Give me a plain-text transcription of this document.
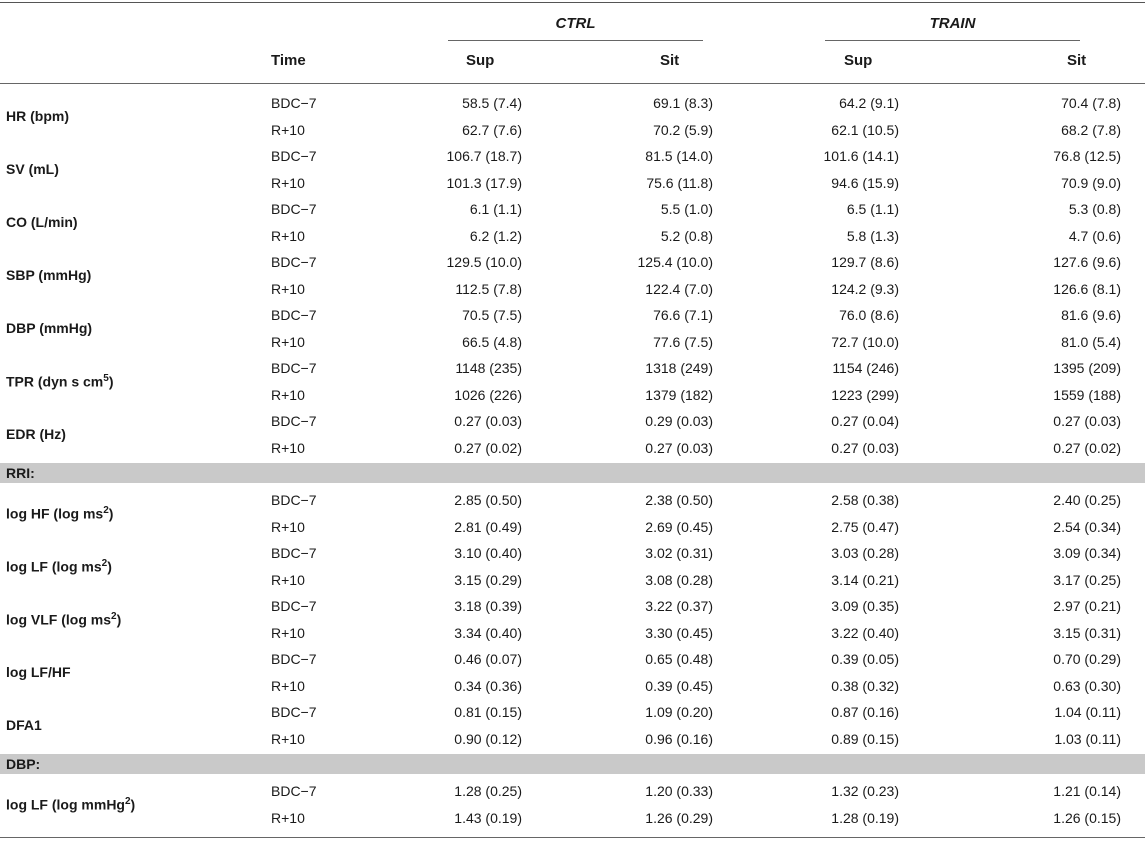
CTRL	TRAIN
Time	Sup	Sit	Sup	Sit
HR (bpm)
BDC−7	58.5 (7.4)	69.1 (8.3)	64.2 (9.1)	70.4 (7.8)
R+10	62.7 (7.6)	70.2 (5.9)	62.1 (10.5)	68.2 (7.8)
SV (mL)
BDC−7	106.7 (18.7)	81.5 (14.0)	101.6 (14.1)	76.8 (12.5)
R+10	101.3 (17.9)	75.6 (11.8)	94.6 (15.9)	70.9 (9.0)
CO (L/min)
BDC−7	6.1 (1.1)	5.5 (1.0)	6.5 (1.1)	5.3 (0.8)
R+10	6.2 (1.2)	5.2 (0.8)	5.8 (1.3)	4.7 (0.6)
SBP (mmHg)
BDC−7	129.5 (10.0)	125.4 (10.0)	129.7 (8.6)	127.6 (9.6)
R+10	112.5 (7.8)	122.4 (7.0)	124.2 (9.3)	126.6 (8.1)
DBP (mmHg)
BDC−7	70.5 (7.5)	76.6 (7.1)	76.0 (8.6)	81.6 (9.6)
R+10	66.5 (4.8)	77.6 (7.5)	72.7 (10.0)	81.0 (5.4)
TPR (dyn s $cm^5$)
BDC−7	1148 (235)	1318 (249)	1154 (246)	1395 (209)
R+10	1026 (226)	1379 (182)	1223 (299)	1559 (188)
EDR (Hz)
BDC−7	0.27 (0.03)	0.29 (0.03)	0.27 (0.04)	0.27 (0.03)
R+10	0.27 (0.02)	0.27 (0.03)	0.27 (0.03)	0.27 (0.02)
RRI:
log HF (log $ms^2$)
BDC−7	2.85 (0.50)	2.38 (0.50)	2.58 (0.38)	2.40 (0.25)
R+10	2.81 (0.49)	2.69 (0.45)	2.75 (0.47)	2.54 (0.34)
log LF (log $ms^2$)
BDC−7	3.10 (0.40)	3.02 (0.31)	3.03 (0.28)	3.09 (0.34)
R+10	3.15 (0.29)	3.08 (0.28)	3.14 (0.21)	3.17 (0.25)
log VLF (log $ms^2$)
BDC−7	3.18 (0.39)	3.22 (0.37)	3.09 (0.35)	2.97 (0.21)
R+10	3.34 (0.40)	3.30 (0.45)	3.22 (0.40)	3.15 (0.31)
log LF/HF
BDC−7	0.46 (0.07)	0.65 (0.48)	0.39 (0.05)	0.70 (0.29)
R+10	0.34 (0.36)	0.39 (0.45)	0.38 (0.32)	0.63 (0.30)
DFA1
BDC−7	0.81 (0.15)	1.09 (0.20)	0.87 (0.16)	1.04 (0.11)
R+10	0.90 (0.12)	0.96 (0.16)	0.89 (0.15)	1.03 (0.11)
DBP:
log LF (log mmHg$^2$)
BDC−7	1.28 (0.25)	1.20 (0.33)	1.32 (0.23)	1.21 (0.14)
R+10	1.43 (0.19)	1.26 (0.29)	1.28 (0.19)	1.26 (0.15)
